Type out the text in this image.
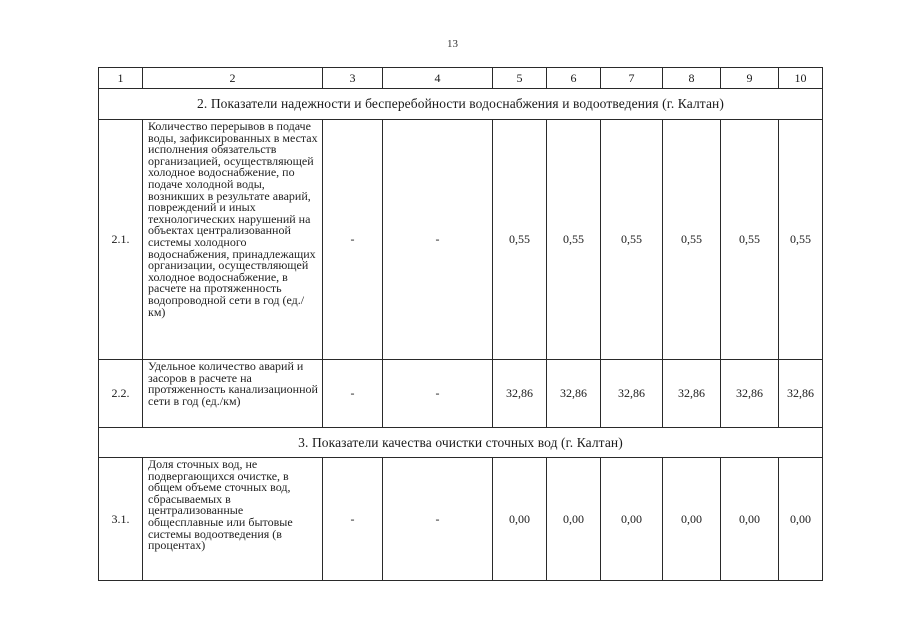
13
1	2	3	4	5	6	7	8	9	10
2. Показатели надежности и бесперебойности водоснабжения и водоотведения (г. Калтан)									
2.1.	Количество перерывов в подаче воды, зафиксированных в местах исполнения обязательств организацией, осуществляющей холодное водоснабжение, по подаче холодной воды, возникших в результате аварий, повреждений и иных технологических нарушений на объектах централизованной системы холодного водоснабжения, принадлежащих организации, осуществляющей холодное водоснабжение, в расчете на протяженность водопроводной сети в год (ед./км)	-	-	0,55	0,55	0,55	0,55	0,55	0,55
2.2.	Удельное количество аварий и засоров в расчете на протяженность канализационной сети в год (ед./км)	-	-	32,86	32,86	32,86	32,86	32,86	32,86
3. Показатели качества очистки сточных вод (г. Калтан)									
3.1.	Доля сточных вод, не подвергающихся очистке, в общем объеме сточных вод, сбрасываемых в централизованные общесплавные или бытовые системы водоотведения (в процентах)	-	-	0,00	0,00	0,00	0,00	0,00	0,00
